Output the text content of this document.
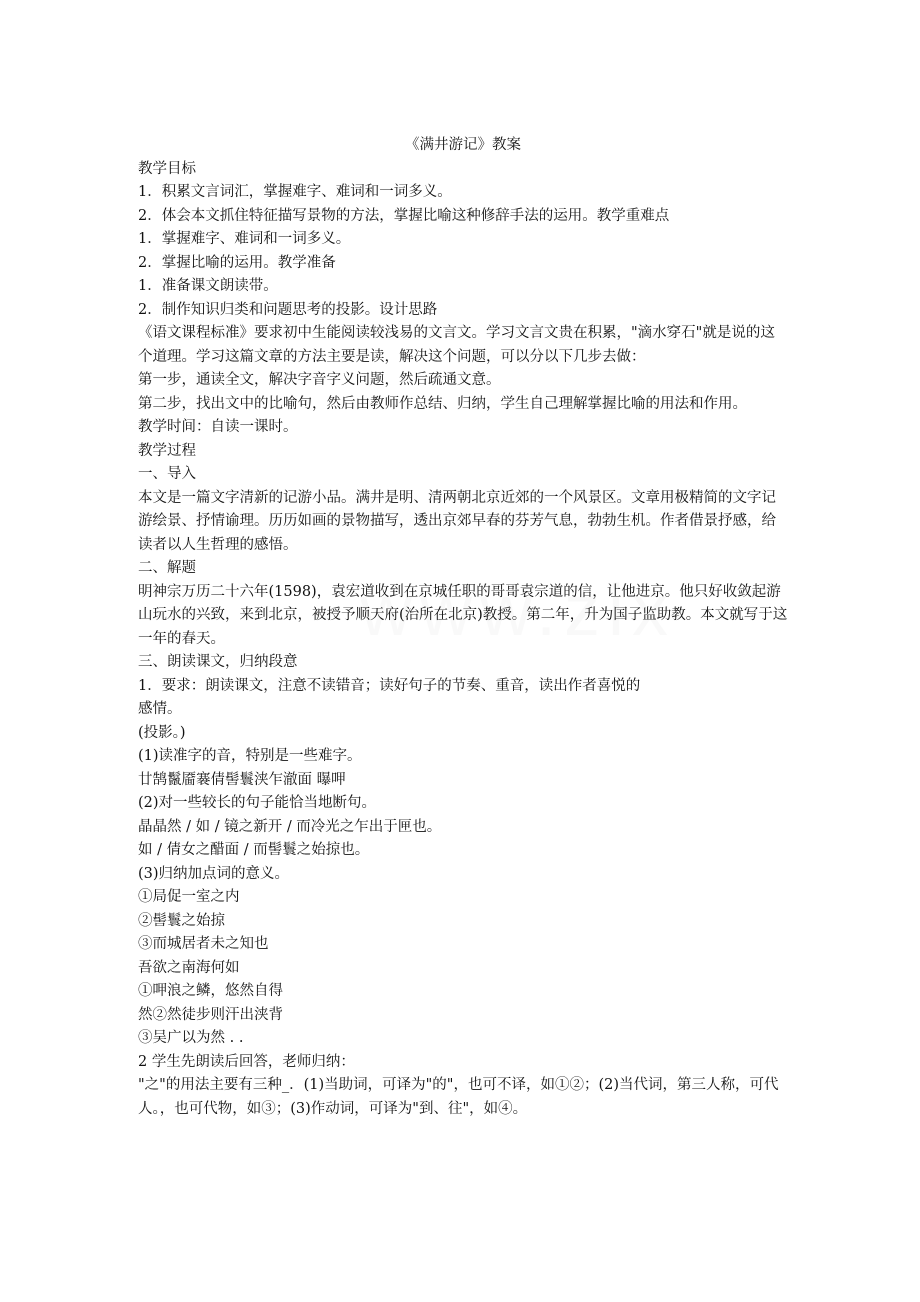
《满井游记》教案

教学目标

1．积累文言词汇，掌握难字、难词和一词多义。

2．体会本文抓住特征描写景物的方法，掌握比喻这种修辞手法的运用。教学重难点

1．掌握难字、难词和一词多义。

2．掌握比喻的运用。教学准备

1．准备课文朗读带。

2．制作知识归类和问题思考的投影。设计思路

《语文课程标准》要求初中生能阅读较浅易的文言文。学习文言文贵在积累，"滴水穿石"就是说的这个道理。学习这篇文章的方法主要是读，解决这个问题，可以分以下几步去做：

第一步，通读全文，解决字音字义问题，然后疏通文意。

第二步，找出文中的比喻句，然后由教师作总结、归纳，学生自己理解掌握比喻的用法和作用。

教学时间：自读一课时。

教学过程

一、导入

本文是一篇文字清新的记游小品。满井是明、清两朝北京近郊的一个风景区。文章用极精简的文字记游绘景、抒情谕理。历历如画的景物描写，透出京郊早春的芬芳气息，勃勃生机。作者借景抒感，给读者以人生哲理的感悟。

二、解题

明神宗万历二十六年(1598)，袁宏道收到在京城任职的哥哥袁宗道的信，让他进京。他只好收敛起游山玩水的兴致，来到北京，被授予顺天府(治所在北京)教授。第二年，升为国子监助教。本文就写于这一年的春天。

三、朗读课文，归纳段意

1．要求：朗读课文，注意不读错音；读好句子的节奏、重音，读出作者喜悦的

感情。

(投影。)

(1)读准字的音，特别是一些难字。

廿鹄鬣靥褰倩髻鬟浃乍澈面 曝呷

(2)对一些较长的句子能恰当地断句。

晶晶然 / 如 / 镜之新开 / 而冷光之乍出于匣也。

如 / 倩女之醋面 / 而髻鬟之始掠也。

(3)归纳加点词的意义。

①局促一室之内

②髻鬟之始掠

③而城居者未之知也

吾欲之南海何如

①呷浪之鳞，悠然自得

然②然徒步则汗出浃背

③吴广以为然 . .

2 学生先朗读后回答，老师归纳：

"之"的用法主要有三种_．(1)当助词，可译为"的"，也可不译，如①②；(2)当代词，第三人称，可代人。，也可代物，如③；(3)作动词，可译为"到、往"，如④。
